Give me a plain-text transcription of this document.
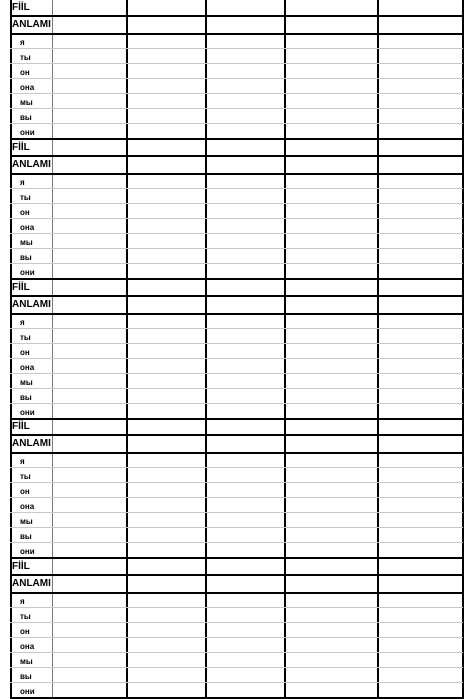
FİİL
ANLAMI
я
ты
он
она
мы
вы
они
FİİL
ANLAMI
я
ты
он
она
мы
вы
они
FİİL
ANLAMI
я
ты
он
она
мы
вы
они
FİİL
ANLAMI
я
ты
он
она
мы
вы
они
FİİL
ANLAMI
я
ты
он
она
мы
вы
они
